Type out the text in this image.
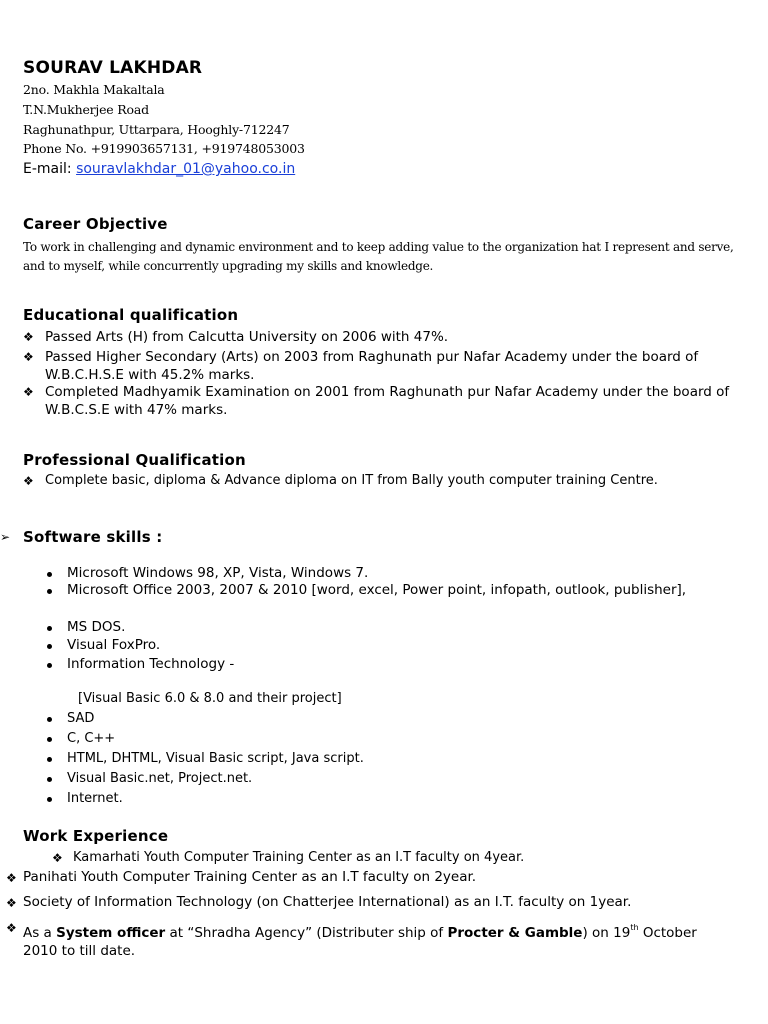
SOURAV LAKHDAR
2no. Makhla Makaltala
T.N.Mukherjee Road
Raghunathpur, Uttarpara, Hooghly-712247
Phone No. +919903657131, +919748053003
E-mail: souravlakhdar_01@yahoo.co.in
Career Objective
To work in challenging and dynamic environment and to keep adding value to the organization hat I represent and serve, and to myself, while concurrently upgrading my skills and knowledge.
Educational qualification
❖ Passed Arts (H) from Calcutta University on 2006 with 47%.
❖ Passed Higher Secondary (Arts) on 2003 from Raghunath pur Nafar Academy under the board of W.B.C.H.S.E with 45.2% marks.
❖ Completed Madhyamik Examination on 2001 from Raghunath pur Nafar Academy under the board of W.B.C.S.E with 47% marks.
Professional Qualification
❖ Complete basic, diploma & Advance diploma on IT from Bally youth computer training Centre.
➢ Software skills :
Microsoft Windows 98, XP, Vista, Windows 7.
Microsoft Office 2003, 2007 & 2010 [word, excel, Power point, infopath, outlook, publisher],
MS DOS.
Visual FoxPro.
Information Technology -
[Visual Basic 6.0 & 8.0 and their project]
SAD
C, C++
HTML, DHTML, Visual Basic script, Java script.
Visual Basic.net, Project.net.
Internet.
Work Experience
❖ Kamarhati Youth Computer Training Center as an I.T faculty on 4year.
❖ Panihati Youth Computer Training Center as an I.T faculty on 2year.
❖ Society of Information Technology (on Chatterjee International) as an I.T. faculty on 1year.
❖ As a System officer at “Shradha Agency” (Distributer ship of Procter & Gamble) on 19th October 2010 to till date.
